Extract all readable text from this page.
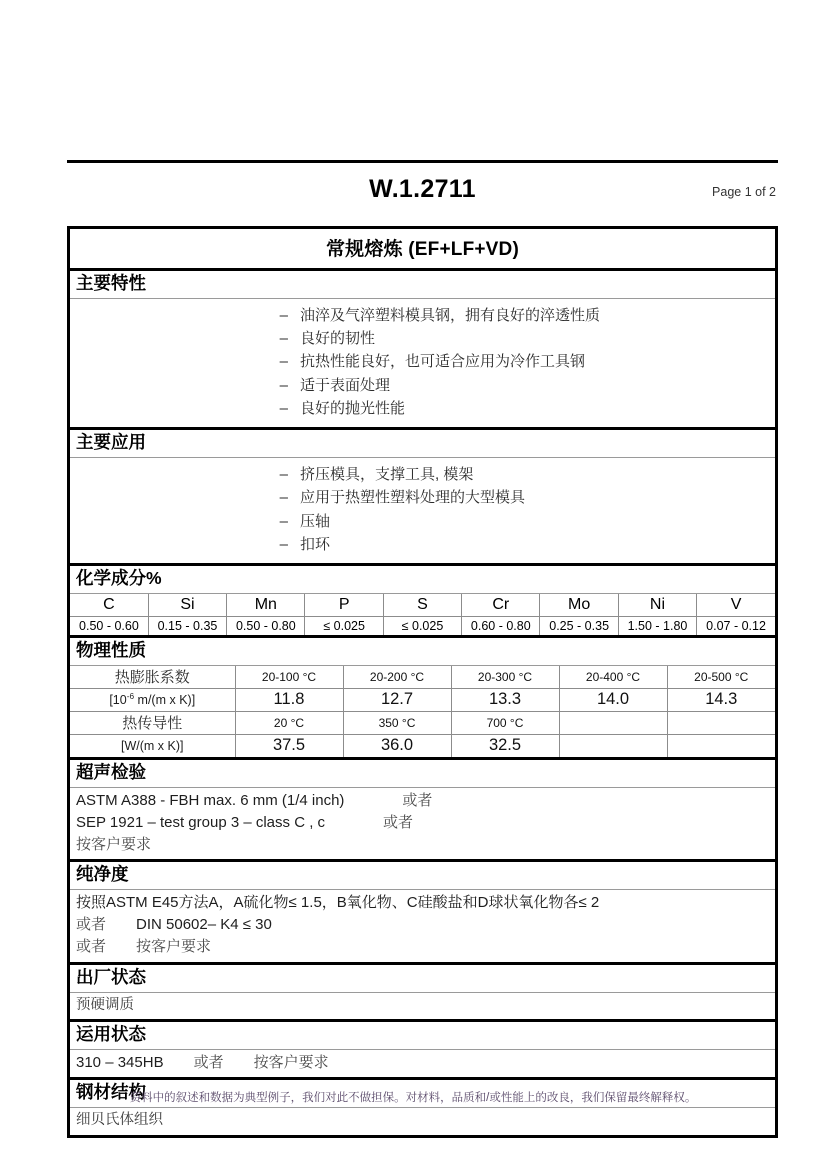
W.1.2711	Page 1 of 2
常规熔炼 (EF+LF+VD)
主要特性
– 油淬及气淬塑料模具钢，拥有良好的淬透性质
– 良好的韧性
– 抗热性能良好，也可适合应用为冷作工具钢
– 适于表面处理
– 良好的抛光性能
主要应用
– 挤压模具，支撑工具, 模架
– 应用于热塑性塑料处理的大型模具
– 压轴
– 扣环
化学成分%
C	Si	Mn	P	S	Cr	Mo	Ni	V
0.50 - 0.60	0.15 - 0.35	0.50 - 0.80	≤ 0.025	≤ 0.025	0.60 - 0.80	0.25 - 0.35	1.50 - 1.80	0.07 - 0.12
物理性质
热膨胀系数	20-100 °C	20-200 °C	20-300 °C	20-400 °C	20-500 °C
[$10^{-6}$ m/(m x K)]	11.8	12.7	13.3	14.0	14.3
热传导性	20 °C	350 °C	700 °C		
[W/(m x K)]	37.5	36.0	32.5		
超声检验
ASTM A388 - FBH max. 6 mm (1/4 inch)	或者
SEP 1921 – test group 3 – class C , c	或者
按客户要求
纯净度
按照ASTM E45方法A，A硫化物≤ 1.5，B氧化物、C硅酸盐和D球状氧化物各≤ 2
或者 DIN 50602– K4 ≤ 30
或者 按客户要求
出厂状态
预硬调质
运用状态
310 – 345HB 或者 按客户要求
钢材结构
细贝氏体组织
资料中的叙述和数据为典型例子，我们对此不做担保。对材料，品质和/或性能上的改良，我们保留最终解释权。
